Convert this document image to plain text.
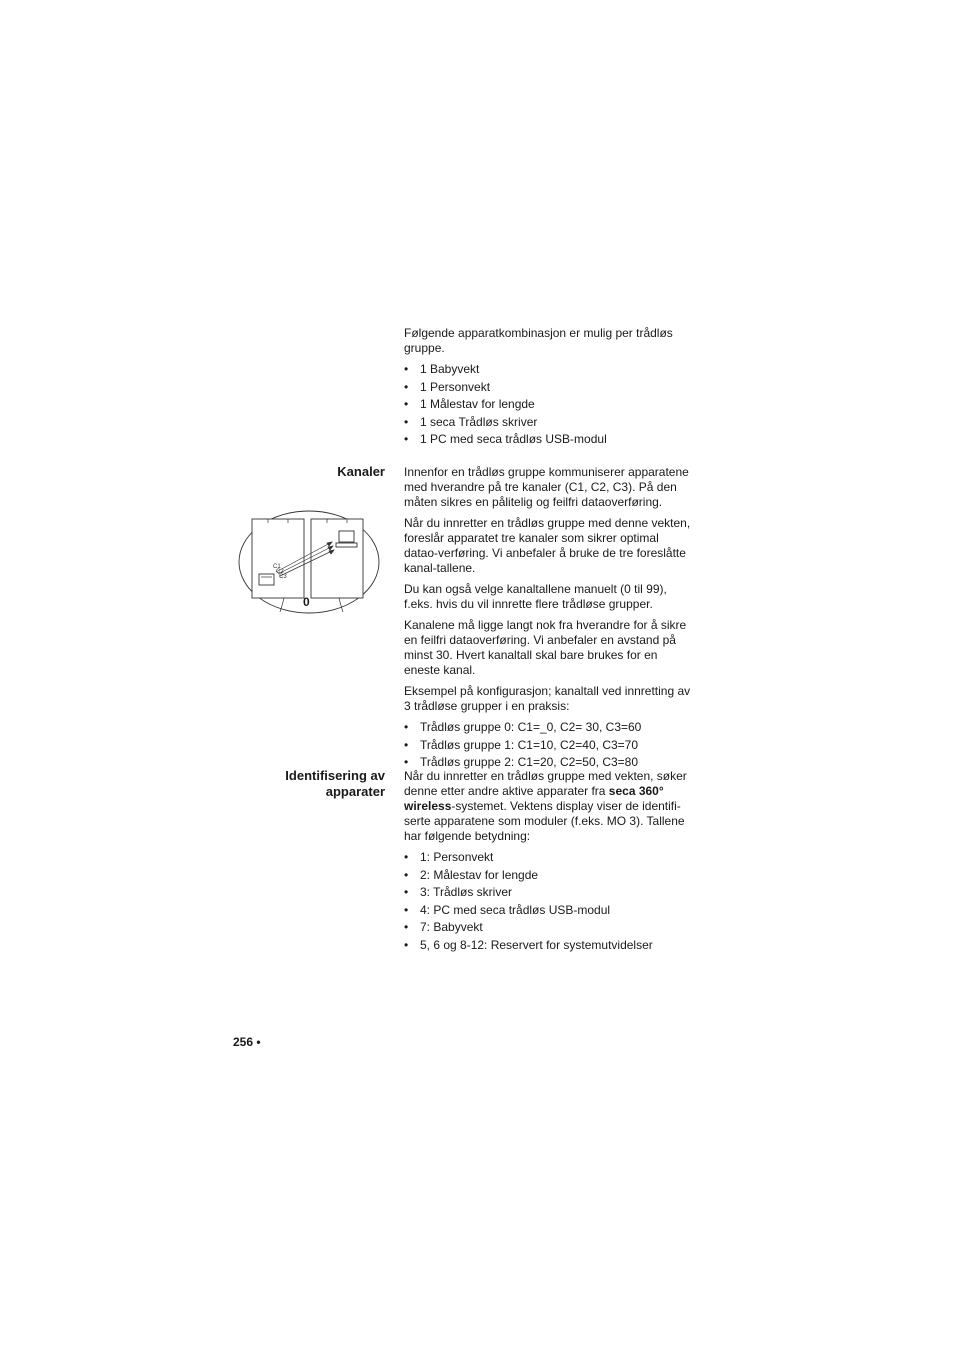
Følgende apparatkombinasjon er mulig per trådløs gruppe.

• 1 Babyvekt
• 1 Personvekt
• 1 Målestav for lengde
• 1 seca Trådløs skriver
• 1 PC med seca trådløs USB-modul
Kanaler Innenfor en trådløs gruppe kommuniserer apparatene med hverandre på tre kanaler (C1, C2, C3). På den måten sikres en pålitelig og feilfri dataoverføring.

Når du innretter en trådløs gruppe med denne vekten, foreslår apparatet tre kanaler som sikrer optimal datao-verføring. Vi anbefaler å bruke de tre foreslåtte kanal-tallene.

Du kan også velge kanaltallene manuelt (0 til 99), f.eks. hvis du vil innrette flere trådløse grupper.

Kanalene må ligge langt nok fra hverandre for å sikre en feilfri dataoverføring. Vi anbefaler en avstand på minst 30. Hvert kanaltall skal bare brukes for en eneste kanal.

Eksempel på konfigurasjon; kanaltall ved innretting av 3 trådløse grupper i en praksis:

• Trådløs gruppe 0: C1=_0, C2= 30, C3=60
• Trådløs gruppe 1: C1=10, C2=40, C3=70
• Trådløs gruppe 2: C1=20, C2=50, C3=80
C1
C2
C3
0
Identifisering av
apparater

Når du innretter en trådløs gruppe med vekten, søker denne etter andre aktive apparater fra seca 360° wireless-systemet. Vektens display viser de identifi-serte apparatene som moduler (f.eks. MO 3). Tallene har følgende betydning:

• 1: Personvekt
• 2: Målestav for lengde
• 3: Trådløs skriver
• 4: PC med seca trådløs USB-modul
• 7: Babyvekt
• 5, 6 og 8-12: Reservert for systemutvidelser
256 •
